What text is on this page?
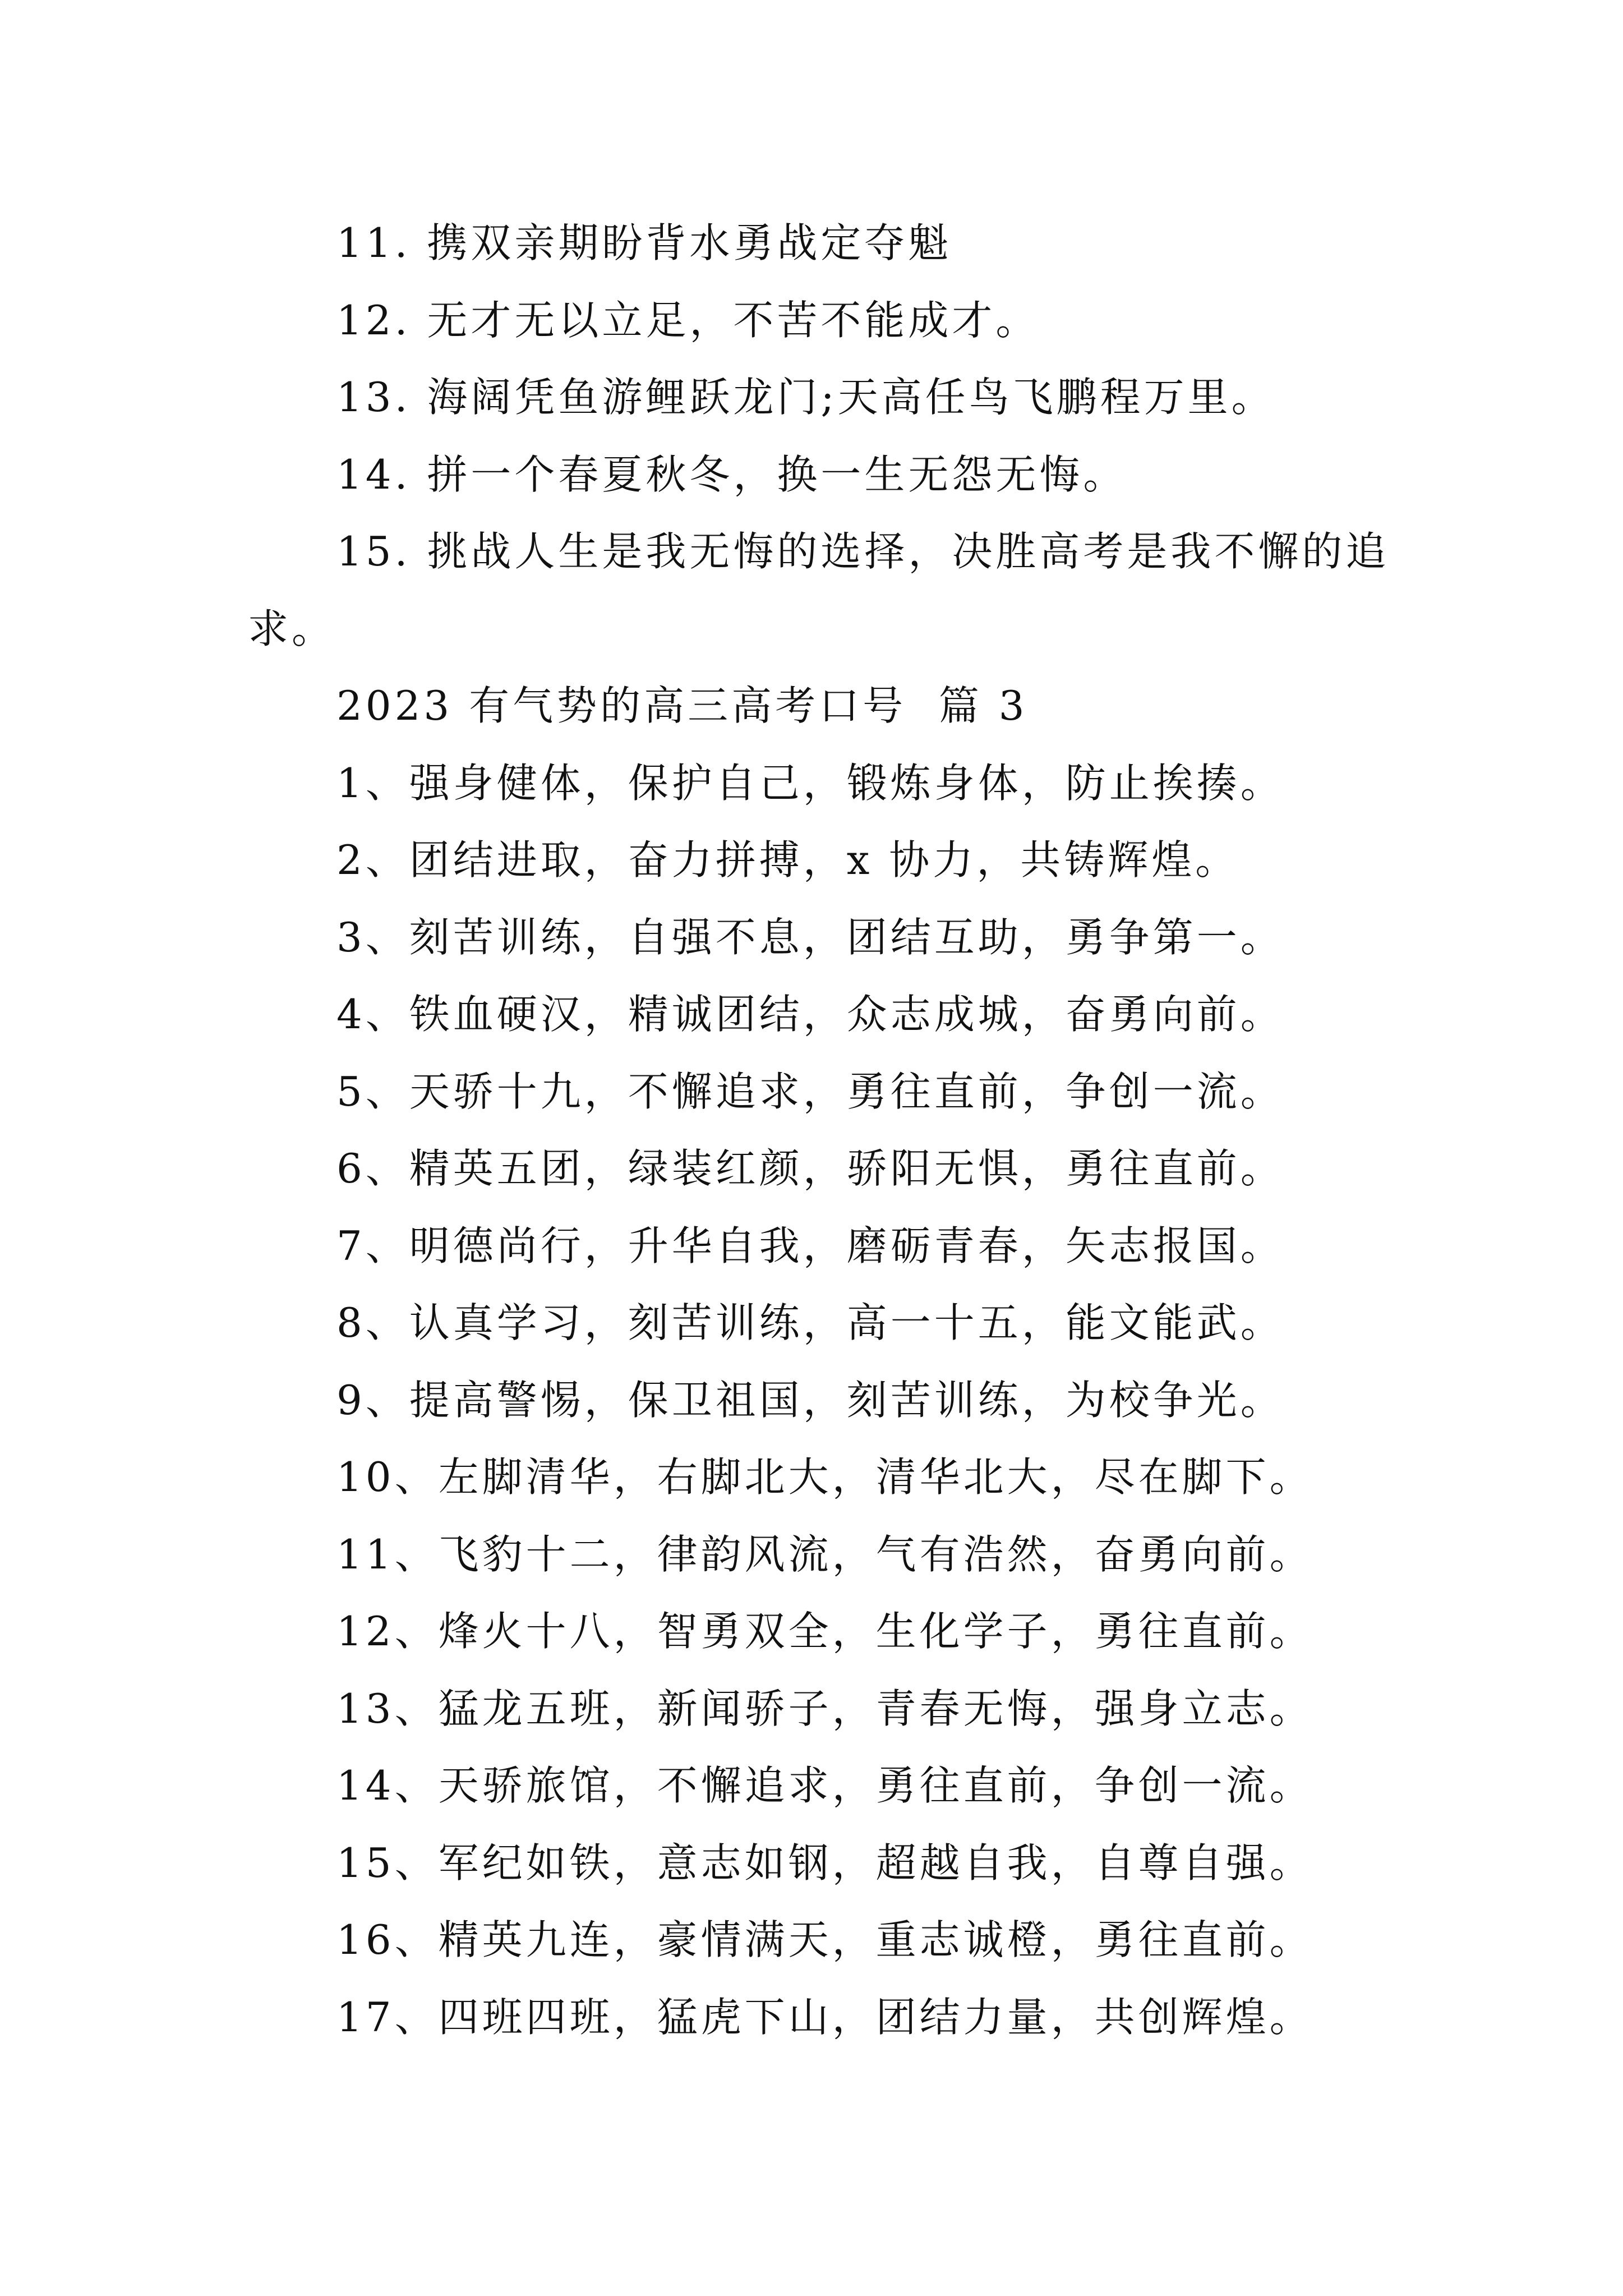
11. 携双亲期盼背水勇战定夺魁

12. 无才无以立足，不苦不能成才。

13. 海阔凭鱼游鲤跃龙门;天高任鸟飞鹏程万里。

14. 拼一个春夏秋冬，换一生无怨无悔。

15. 挑战人生是我无悔的选择，决胜高考是我不懈的追

求。

2023 有气势的高三高考口号  篇 3

1、强身健体，保护自己，锻炼身体，防止挨揍。

2、团结进取，奋力拼搏，x 协力，共铸辉煌。

3、刻苦训练，自强不息，团结互助，勇争第一。

4、铁血硬汉，精诚团结，众志成城，奋勇向前。

5、天骄十九，不懈追求，勇往直前，争创一流。

6、精英五团，绿装红颜，骄阳无惧，勇往直前。

7、明德尚行，升华自我，磨砺青春，矢志报国。

8、认真学习，刻苦训练，高一十五，能文能武。

9、提高警惕，保卫祖国，刻苦训练，为校争光。

10、左脚清华，右脚北大，清华北大，尽在脚下。

11、飞豹十二，律韵风流，气有浩然，奋勇向前。

12、烽火十八，智勇双全，生化学子，勇往直前。

13、猛龙五班，新闻骄子，青春无悔，强身立志。

14、天骄旅馆，不懈追求，勇往直前，争创一流。

15、军纪如铁，意志如钢，超越自我，自尊自强。

16、精英九连，豪情满天，重志诚橙，勇往直前。

17、四班四班，猛虎下山，团结力量，共创辉煌。
